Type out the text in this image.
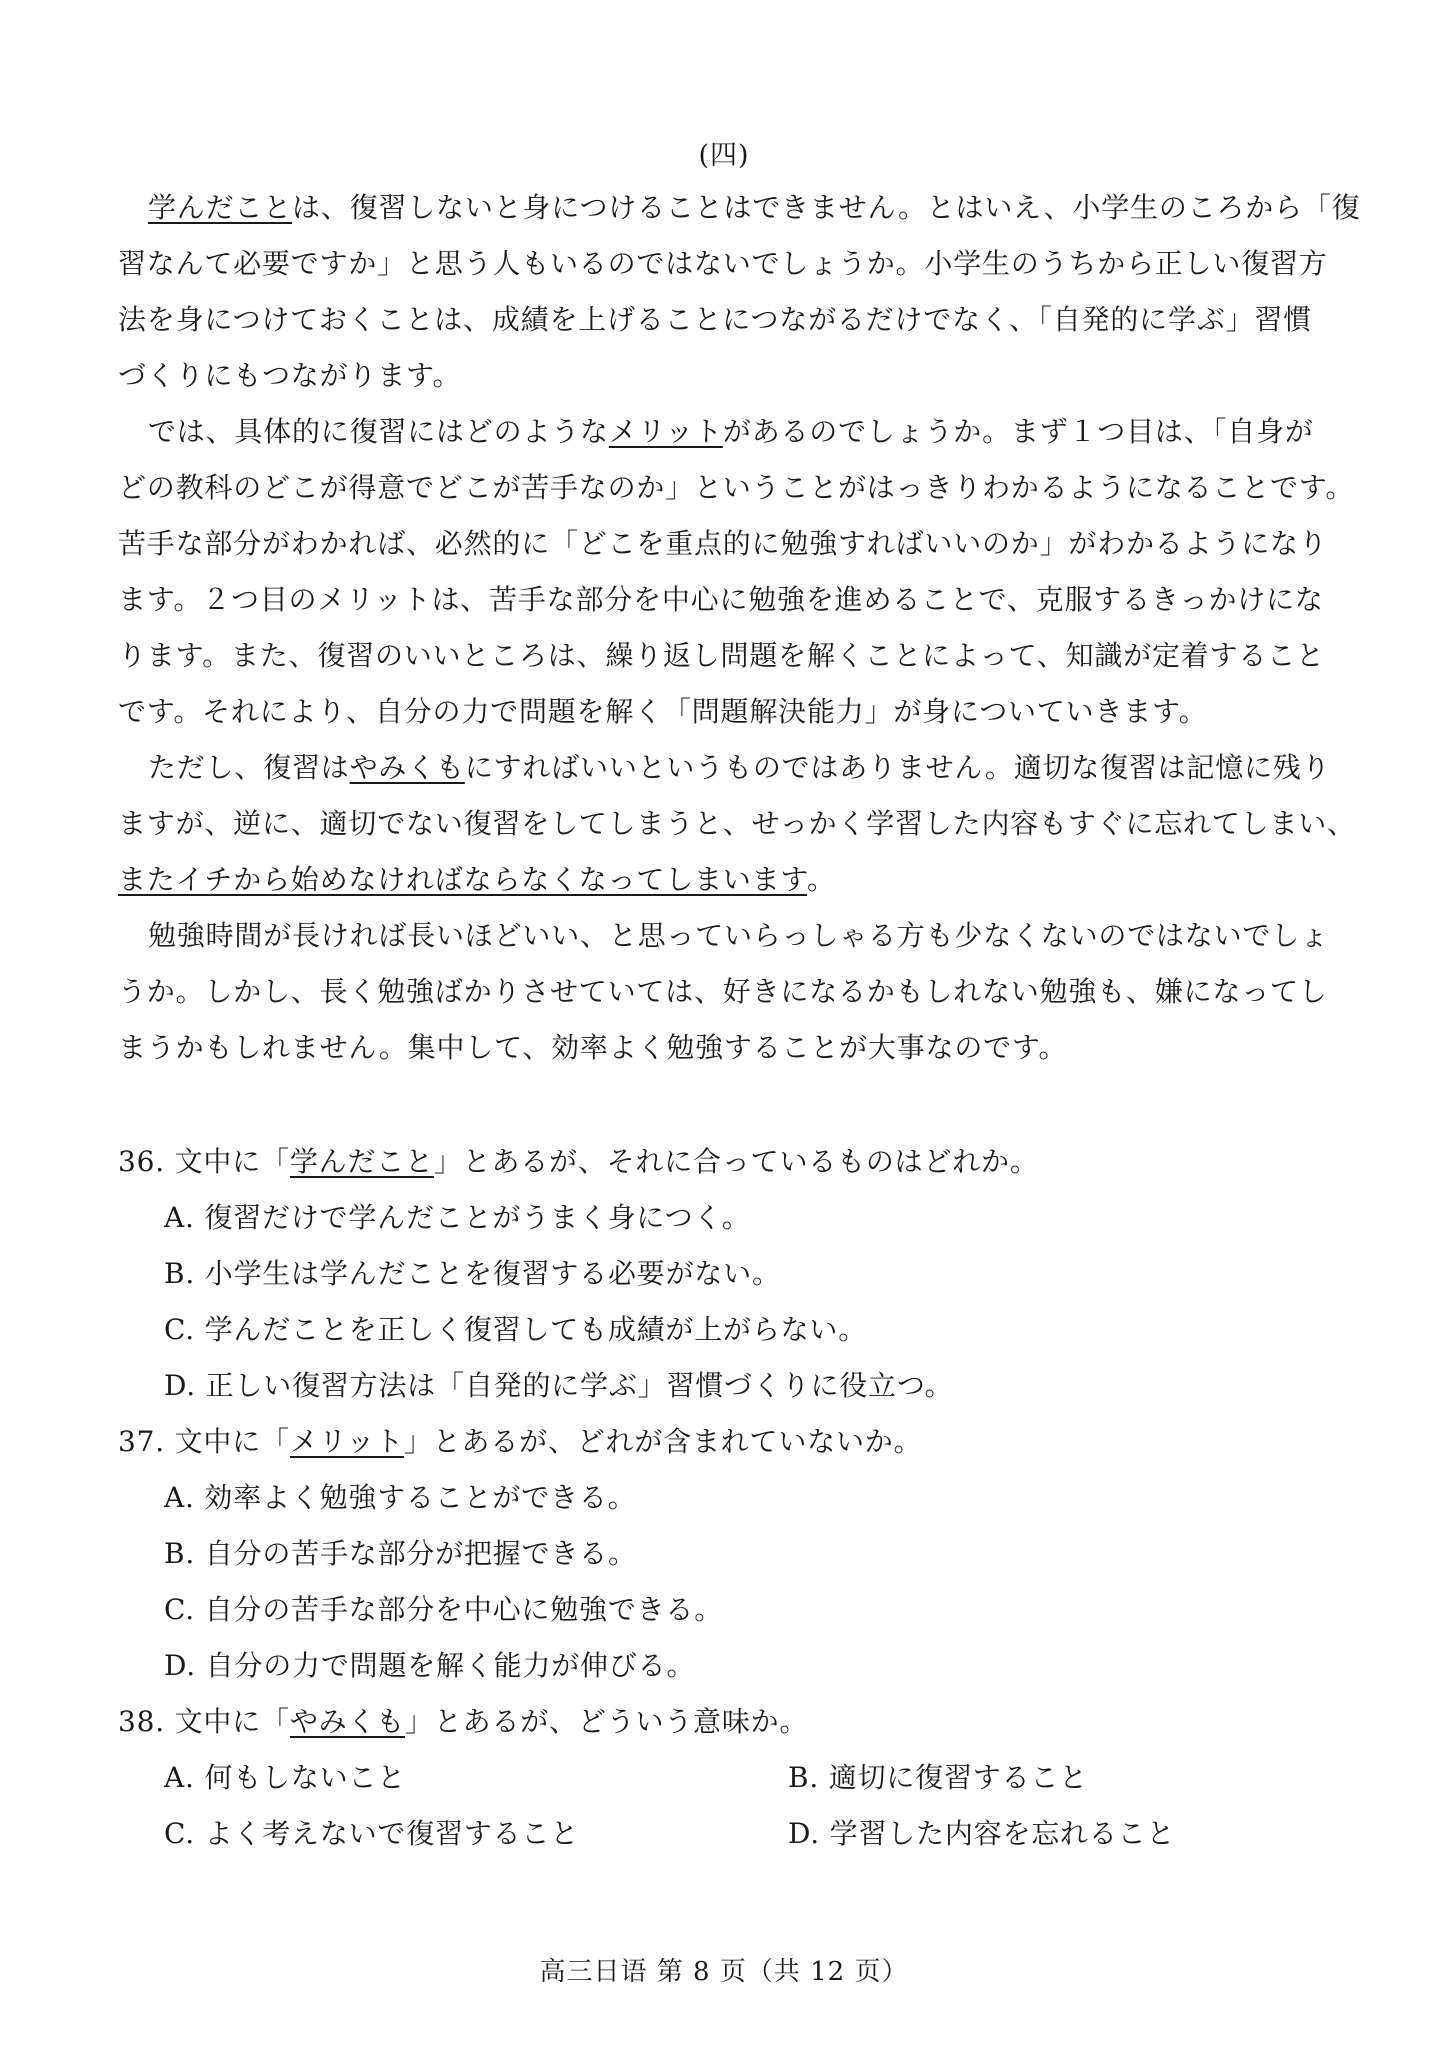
(四)
学んだことは、復習しないと身につけることはできません。とはいえ、小学生のころから「復
習なんて必要ですか」と思う人もいるのではないでしょうか。小学生のうちから正しい復習方
法を身につけておくことは、成績を上げることにつながるだけでなく、「自発的に学ぶ」習慣
づくりにもつながります。
では、具体的に復習にはどのようなメリットがあるのでしょうか。まず１つ目は、「自身が
どの教科のどこが得意でどこが苦手なのか」ということがはっきりわかるようになることです。
苦手な部分がわかれば、必然的に「どこを重点的に勉強すればいいのか」がわかるようになり
ます。２つ目のメリットは、苦手な部分を中心に勉強を進めることで、克服するきっかけにな
ります。また、復習のいいところは、繰り返し問題を解くことによって、知識が定着すること
です。それにより、自分の力で問題を解く「問題解決能力」が身についていきます。
ただし、復習はやみくもにすればいいというものではありません。適切な復習は記憶に残り
ますが、逆に、適切でない復習をしてしまうと、せっかく学習した内容もすぐに忘れてしまい、
またイチから始めなければならなくなってしまいます。
勉強時間が長ければ長いほどいい、と思っていらっしゃる方も少なくないのではないでしょ
うか。しかし、長く勉強ばかりさせていては、好きになるかもしれない勉強も、嫌になってし
まうかもしれません。集中して、効率よく勉強することが大事なのです。
36. 文中に「学んだこと」とあるが、それに合っているものはどれか。
A. 復習だけで学んだことがうまく身につく。
B. 小学生は学んだことを復習する必要がない。
C. 学んだことを正しく復習しても成績が上がらない。
D. 正しい復習方法は「自発的に学ぶ」習慣づくりに役立つ。
37. 文中に「メリット」とあるが、どれが含まれていないか。
A. 効率よく勉強することができる。
B. 自分の苦手な部分が把握できる。
C. 自分の苦手な部分を中心に勉強できる。
D. 自分の力で問題を解く能力が伸びる。
38. 文中に「やみくも」とあるが、どういう意味か。
A. 何もしないこと	B. 適切に復習すること
C. よく考えないで復習すること	D. 学習した内容を忘れること
高三日语 第 8 页（共 12 页）
